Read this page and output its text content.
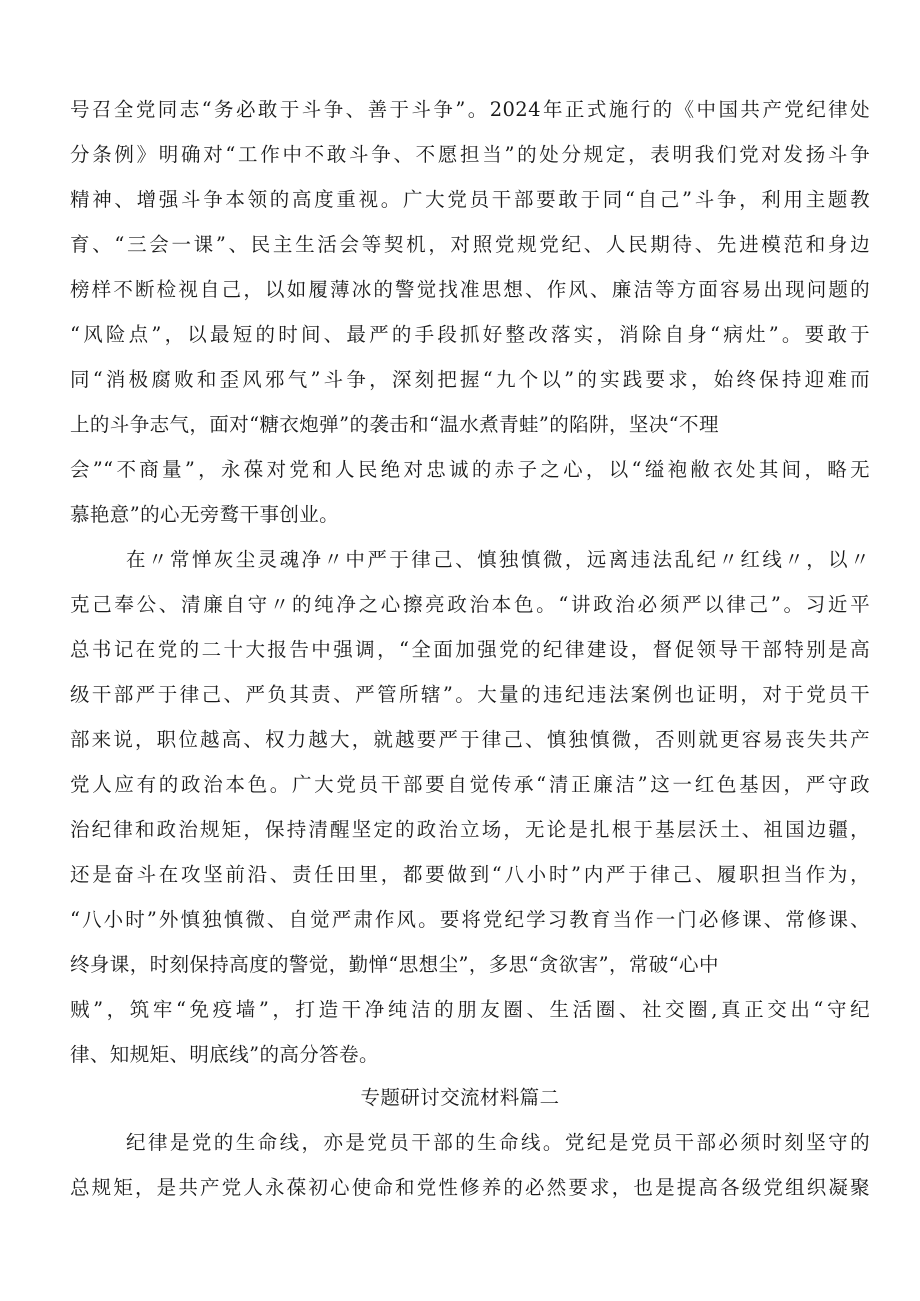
号召全党同志“务必敢于斗争、善于斗争”。2024年正式施行的《中国共产党纪律处
分条例》明确对“工作中不敢斗争、不愿担当”的处分规定，表明我们党对发扬斗争
精神、增强斗争本领的高度重视。广大党员干部要敢于同“自己”斗争，利用主题教
育、“三会一课”、民主生活会等契机，对照党规党纪、人民期待、先进模范和身边
榜样不断检视自己，以如履薄冰的警觉找准思想、作风、廉洁等方面容易出现问题的
“风险点”，以最短的时间、最严的手段抓好整改落实，消除自身“病灶”。要敢于
同“消极腐败和歪风邪气”斗争，深刻把握“九个以”的实践要求，始终保持迎难而
上的斗争志气，面对“糖衣炮弹”的袭击和“温水煮青蛙”的陷阱，坚决“不理
会”“不商量”，永葆对党和人民绝对忠诚的赤子之心，以“缢袍敝衣处其间，略无
慕艳意”的心无旁鹜干事创业。
在〃常惮灰尘灵魂净〃中严于律己、慎独慎微，远离违法乱纪〃红线〃，以〃
克己奉公、清廉自守〃的纯净之心擦亮政治本色。“讲政治必须严以律己”。习近平
总书记在党的二十大报告中强调，“全面加强党的纪律建设，督促领导干部特别是高
级干部严于律己、严负其责、严管所辖”。大量的违纪违法案例也证明，对于党员干
部来说，职位越高、权力越大，就越要严于律己、慎独慎微，否则就更容易丧失共产
党人应有的政治本色。广大党员干部要自觉传承“清正廉洁”这一红色基因，严守政
治纪律和政治规矩，保持清醒坚定的政治立场，无论是扎根于基层沃土、祖国边疆，
还是奋斗在攻坚前沿、责任田里，都要做到“八小时”内严于律己、履职担当作为，
“八小时”外慎独慎微、自觉严肃作风。要将党纪学习教育当作一门必修课、常修课、
终身课，时刻保持高度的警觉，勤惮“思想尘”，多思“贪欲害”，常破“心中
贼”，筑牢“免疫墙”，打造干净纯洁的朋友圈、生活圈、社交圈,真正交出“守纪
律、知规矩、明底线”的高分答卷。
专题研讨交流材料篇二
纪律是党的生命线，亦是党员干部的生命线。党纪是党员干部必须时刻坚守的
总规矩，是共产党人永葆初心使命和党性修养的必然要求，也是提高各级党组织凝聚
